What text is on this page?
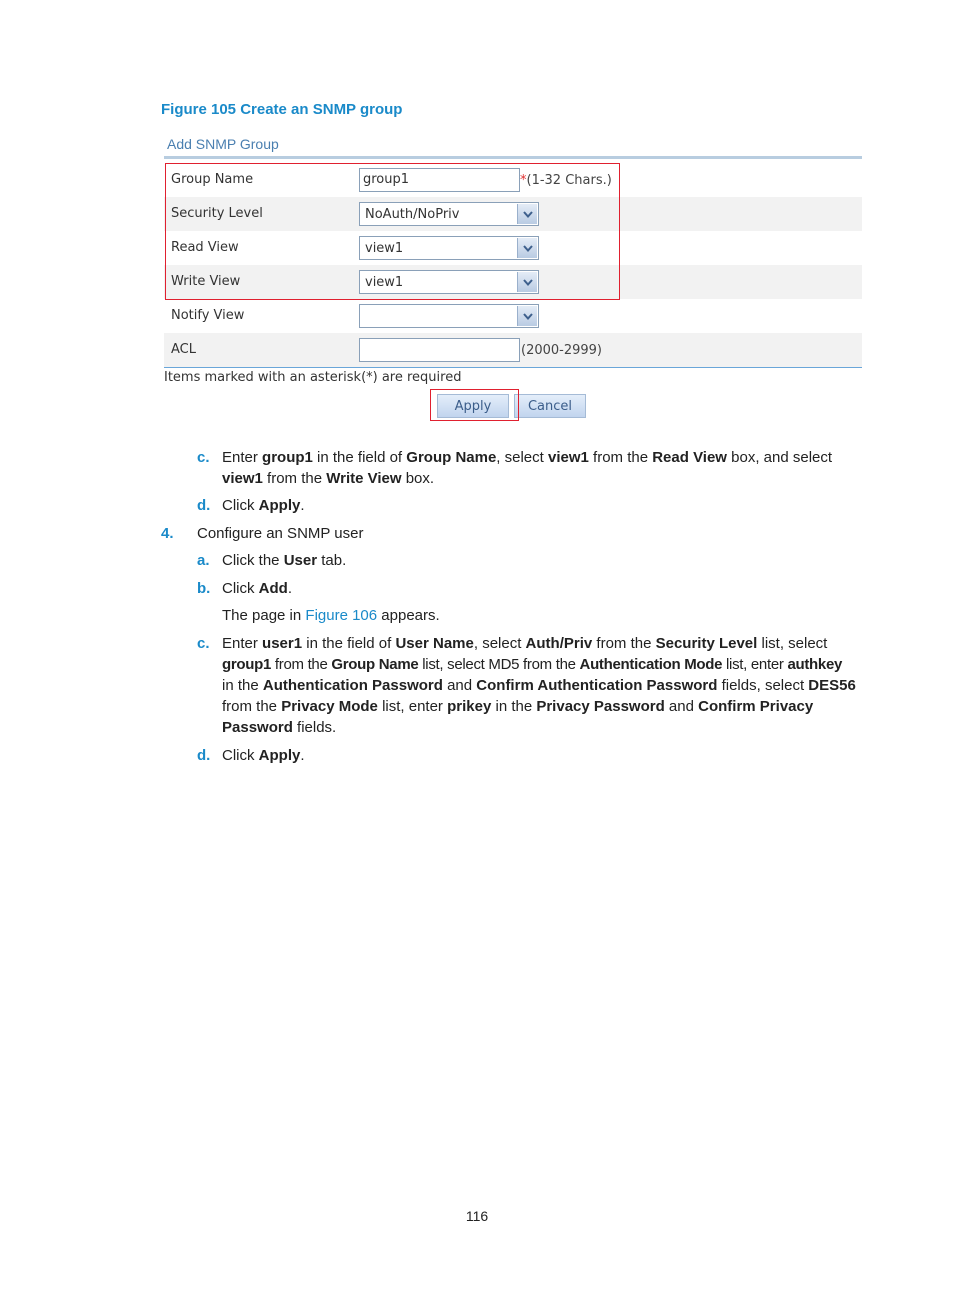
Figure 105 Create an SNMP group
Add SNMP Group
Group Name	group1	*(1-32 Chars.)
Security Level	NoAuth/NoPriv
Read View	view1
Write View	view1
Notify View
ACL	(2000-2999)
Items marked with an asterisk(*) are required
Apply	Cancel
c. Enter group1 in the field of Group Name, select view1 from the Read View box, and select
view1 from the Write View box.
d. Click Apply.
4. Configure an SNMP user
a. Click the User tab.
b. Click Add.
The page in Figure 106 appears.
c. Enter user1 in the field of User Name, select Auth/Priv from the Security Level list, select
group1 from the Group Name list, select MD5 from the Authentication Mode list, enter authkey
in the Authentication Password and Confirm Authentication Password fields, select DES56
from the Privacy Mode list, enter prikey in the Privacy Password and Confirm Privacy
Password fields.
d. Click Apply.
116
